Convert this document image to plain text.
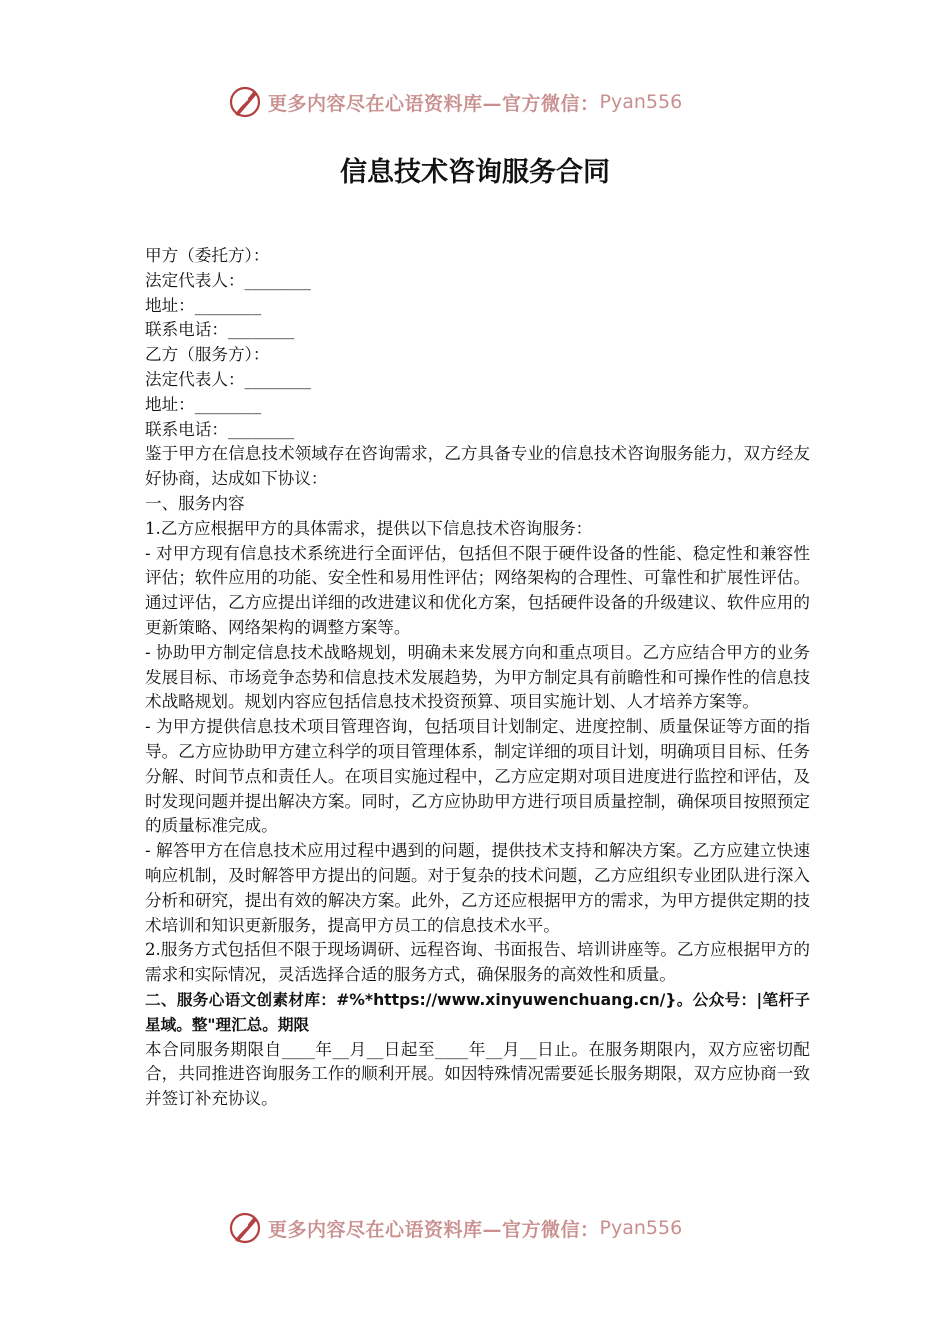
更多内容尽在心语资料库—官方微信： Pyan556
信息技术咨询服务合同

甲方（委托方）：

法定代表人：________

地址：________

联系电话：________

乙方（服务方）：

法定代表人：________

地址：________

联系电话：________

鉴于甲方在信息技术领域存在咨询需求，乙方具备专业的信息技术咨询服务能力，双方经友好协商，达成如下协议：

一、服务内容

1.乙方应根据甲方的具体需求，提供以下信息技术咨询服务：

- 对甲方现有信息技术系统进行全面评估，包括但不限于硬件设备的性能、稳定性和兼容性评估；软件应用的功能、安全性和易用性评估；网络架构的合理性、可靠性和扩展性评估。通过评估，乙方应提出详细的改进建议和优化方案，包括硬件设备的升级建议、软件应用的更新策略、网络架构的调整方案等。

- 协助甲方制定信息技术战略规划，明确未来发展方向和重点项目。乙方应结合甲方的业务发展目标、市场竞争态势和信息技术发展趋势，为甲方制定具有前瞻性和可操作性的信息技术战略规划。规划内容应包括信息技术投资预算、项目实施计划、人才培养方案等。

- 为甲方提供信息技术项目管理咨询，包括项目计划制定、进度控制、质量保证等方面的指导。乙方应协助甲方建立科学的项目管理体系，制定详细的项目计划，明确项目目标、任务分解、时间节点和责任人。在项目实施过程中，乙方应定期对项目进度进行监控和评估，及时发现问题并提出解决方案。同时，乙方应协助甲方进行项目质量控制，确保项目按照预定的质量标准完成。

- 解答甲方在信息技术应用过程中遇到的问题，提供技术支持和解决方案。乙方应建立快速响应机制，及时解答甲方提出的问题。对于复杂的技术问题，乙方应组织专业团队进行深入分析和研究，提出有效的解决方案。此外，乙方还应根据甲方的需求，为甲方提供定期的技术培训和知识更新服务，提高甲方员工的信息技术水平。

2.服务方式包括但不限于现场调研、远程咨询、书面报告、培训讲座等。乙方应根据甲方的需求和实际情况，灵活选择合适的服务方式，确保服务的高效性和质量。

二、服务心语文创素材库：#%*https://www.xinyuwenchuang.cn/}。公众号：|笔杆子星域。整"理汇总。期限

本合同服务期限自____年__月__日起至____年__月__日止。在服务期限内，双方应密切配合，共同推进咨询服务工作的顺利开展。如因特殊情况需要延长服务期限，双方应协商一致并签订补充协议。

更多内容尽在心语资料库—官方微信： Pyan556
